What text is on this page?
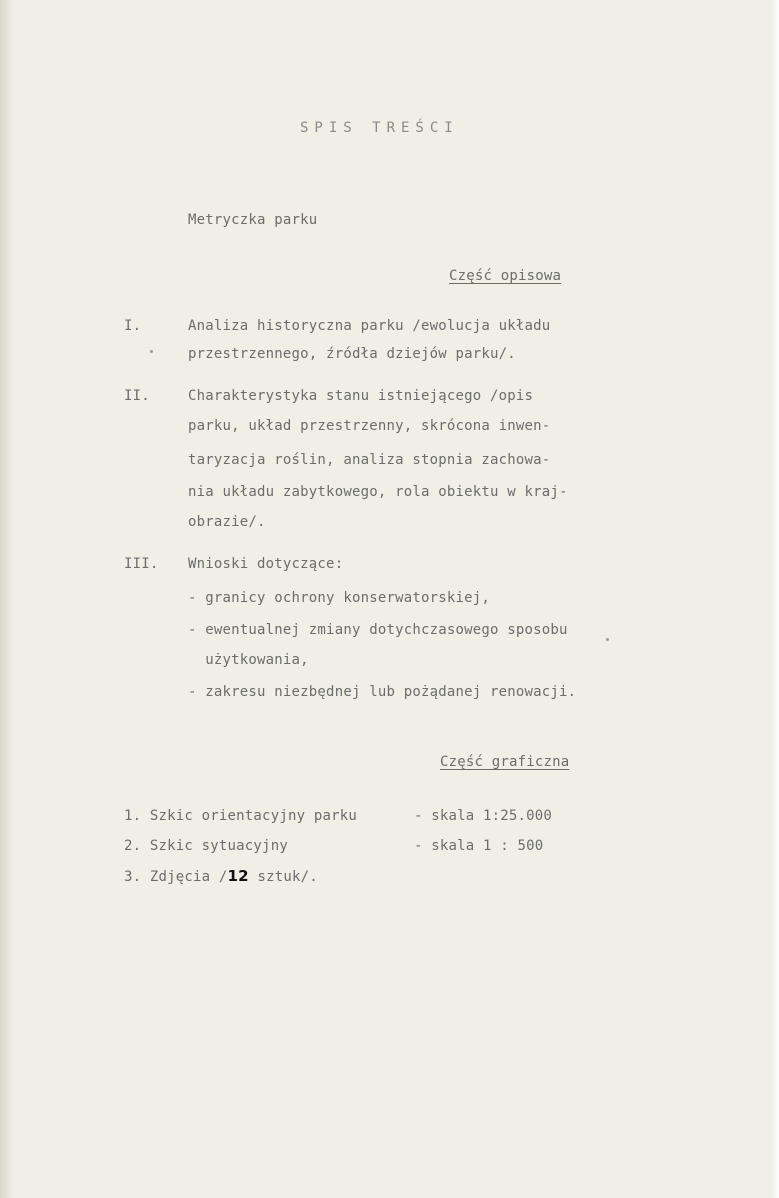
SPIS TREŚCI
Metryczka parku
Część opisowa
I.	Analiza historyczna parku /ewolucja układu
przestrzennego, źródła dziejów parku/.
II.	Charakterystyka stanu istniejącego /opis
parku, układ przestrzenny, skrócona inwen-
taryzacja roślin, analiza stopnia zachowa-
nia układu zabytkowego, rola obiektu w kraj-
obrazie/.
III. Wnioski dotyczące:
- granicy ochrony konserwatorskiej,
- ewentualnej zmiany dotychczasowego sposobu
użytkowania,
- zakresu niezbędnej lub pożądanej renowacji.
Część graficzna
1. Szkic orientacyjny parku	- skala 1:25.000
2. Szkic sytuacyjny	- skala 1 : 500
3. Zdjęcia /12 sztuk/.
